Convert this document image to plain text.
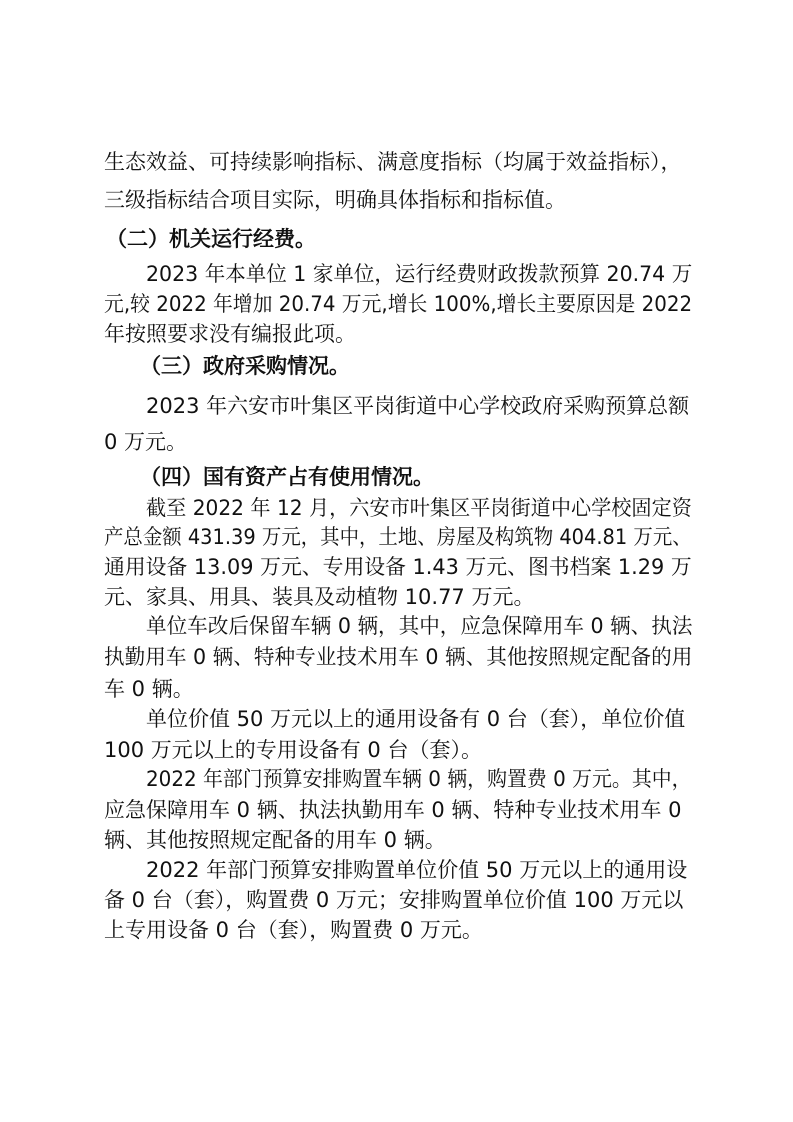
生态效益、可持续影响指标、满意度指标（均属于效益指标），
三级指标结合项目实际，明确具体指标和指标值。
（二）机关运行经费。
2023 年本单位 1 家单位，运行经费财政拨款预算 20.74 万
元,较 2022 年增加 20.74 万元,增长 100%,增长主要原因是 2022
年按照要求没有编报此项。
（三）政府采购情况。
2023 年六安市叶集区平岗街道中心学校政府采购预算总额
0 万元。
（四）国有资产占有使用情况。
截至 2022 年 12 月，六安市叶集区平岗街道中心学校固定资
产总金额 431.39 万元，其中，土地、房屋及构筑物 404.81 万元、
通用设备 13.09 万元、专用设备 1.43 万元、图书档案 1.29 万
元、家具、用具、装具及动植物 10.77 万元。
单位车改后保留车辆 0 辆，其中，应急保障用车 0 辆、执法
执勤用车 0 辆、特种专业技术用车 0 辆、其他按照规定配备的用
车 0 辆。
单位价值 50 万元以上的通用设备有 0 台（套），单位价值
100 万元以上的专用设备有 0 台（套）。
2022 年部门预算安排购置车辆 0 辆，购置费 0 万元。其中，
应急保障用车 0 辆、执法执勤用车 0 辆、特种专业技术用车 0
辆、其他按照规定配备的用车 0 辆。
2022 年部门预算安排购置单位价值 50 万元以上的通用设
备 0 台（套），购置费 0 万元；安排购置单位价值 100 万元以
上专用设备 0 台（套），购置费 0 万元。
